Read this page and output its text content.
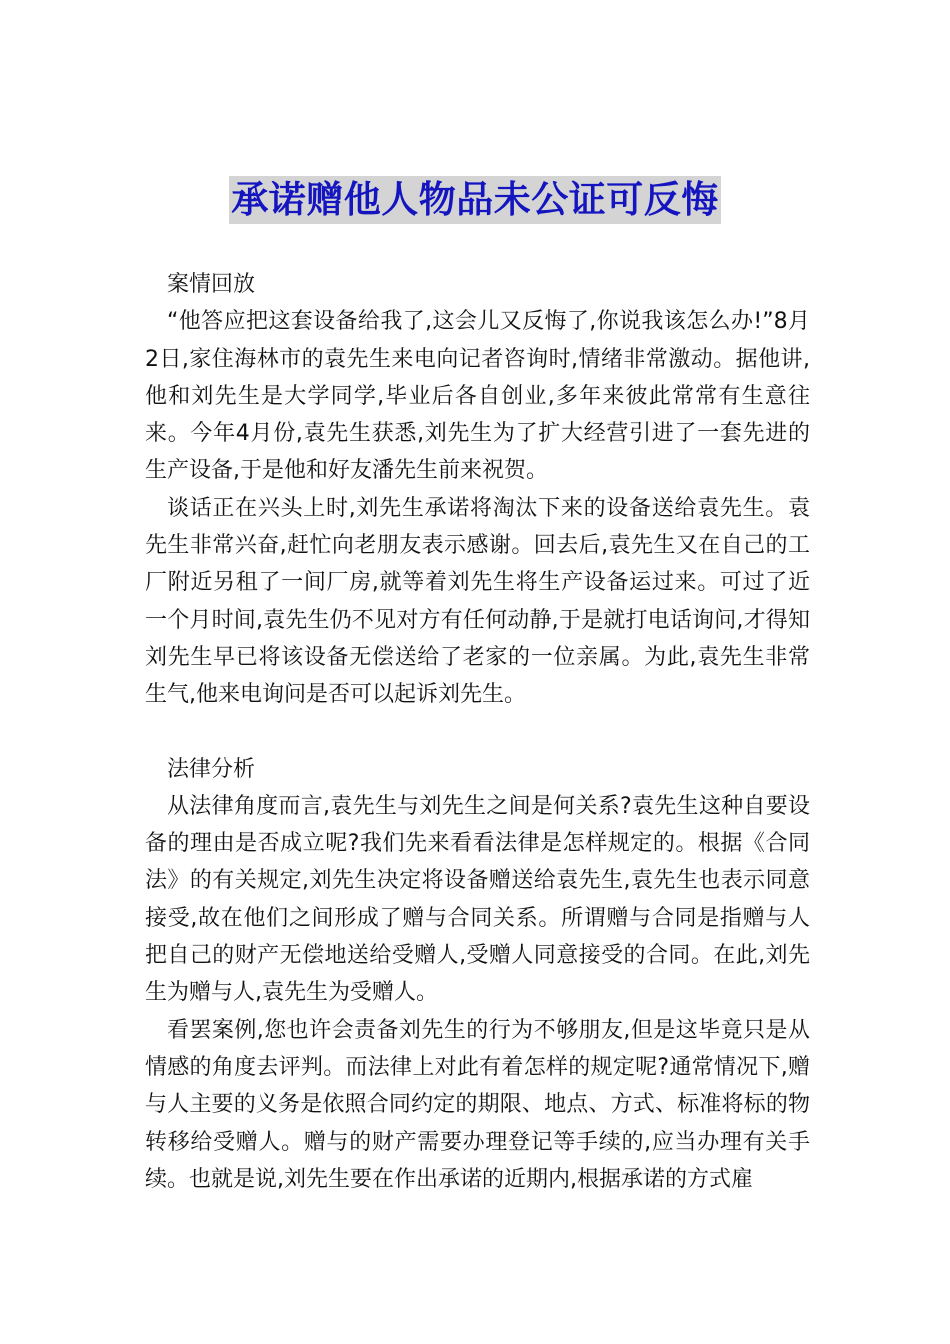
承诺赠他人物品未公证可反悔

案情回放

“他答应把这套设备给我了,这会儿又反悔了,你说我该怎么办!”8月2日,家住海林市的袁先生来电向记者咨询时,情绪非常激动。据他讲,他和刘先生是大学同学,毕业后各自创业,多年来彼此常常有生意往来。今年4月份,袁先生获悉,刘先生为了扩大经营引进了一套先进的生产设备,于是他和好友潘先生前来祝贺。

谈话正在兴头上时,刘先生承诺将淘汰下来的设备送给袁先生。袁先生非常兴奋,赶忙向老朋友表示感谢。回去后,袁先生又在自己的工厂附近另租了一间厂房,就等着刘先生将生产设备运过来。可过了近一个月时间,袁先生仍不见对方有任何动静,于是就打电话询问,才得知刘先生早已将该设备无偿送给了老家的一位亲属。为此,袁先生非常生气,他来电询问是否可以起诉刘先生。

法律分析

从法律角度而言,袁先生与刘先生之间是何关系?袁先生这种自要设备的理由是否成立呢?我们先来看看法律是怎样规定的。根据《合同法》的有关规定,刘先生决定将设备赠送给袁先生,袁先生也表示同意接受,故在他们之间形成了赠与合同关系。所谓赠与合同是指赠与人把自己的财产无偿地送给受赠人,受赠人同意接受的合同。在此,刘先生为赠与人,袁先生为受赠人。

看罢案例,您也许会责备刘先生的行为不够朋友,但是这毕竟只是从情感的角度去评判。而法律上对此有着怎样的规定呢?通常情况下,赠与人主要的义务是依照合同约定的期限、地点、方式、标准将标的物转移给受赠人。赠与的财产需要办理登记等手续的,应当办理有关手续。也就是说,刘先生要在作出承诺的近期内,根据承诺的方式雇
